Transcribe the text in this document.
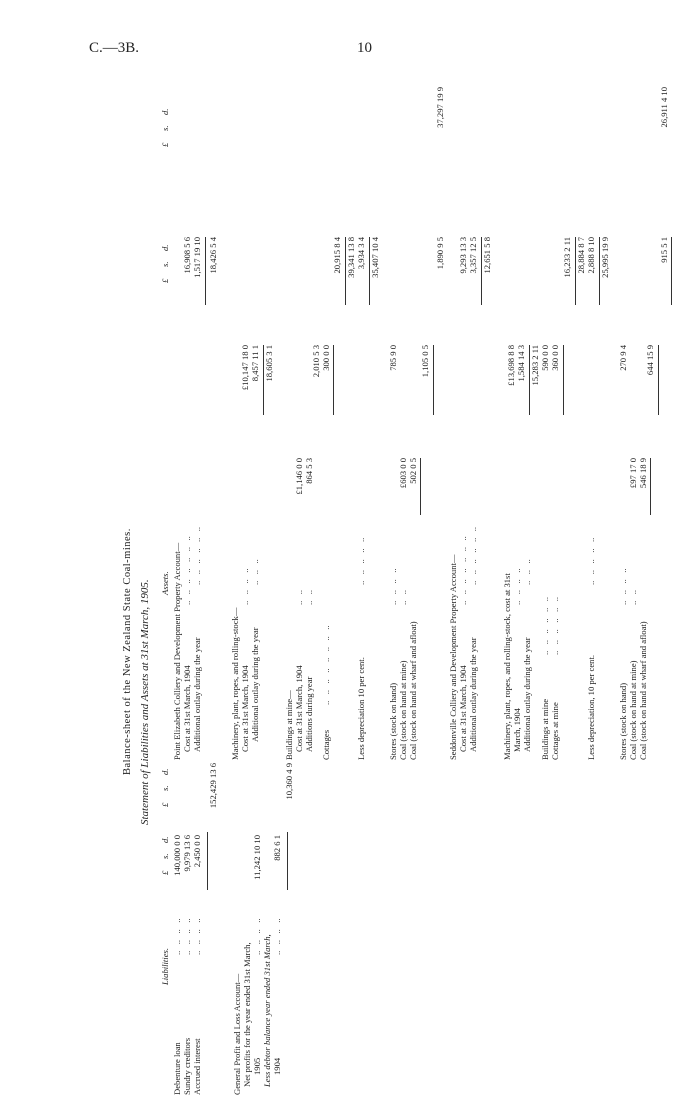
C.—3B.	10
Balance-sheet of the New Zealand State Coal-mines. Statement of Liabilities and Assets at 31st March, 1905.
Liabilities.
£
s.
d.
£
s.
d.
Debenture loan
..   ..   ..   ..
140,000 0 0
Sundry creditors
..   ..   ..   ..
9,979 13 6
Accrued interest
..   ..   ..   ..
2,450 0 0
152,429 13 6
General Profit and Loss Account— Net profits for the year ended 31st March, 1905
..   ..   ..   ..
11,242 10 10
Less debtor balance year ended 31st March, 1904
..   ..   ..   ..
882 6 1
10,360 4 9
Assets.
£
s.
d.
£
s.
d.
Point Elizabeth Colliery and Development Property Account— Cost at 31st March, 1904
..   ..   ..   ..   ..   ..   ..
16,908 5 6
Additional outlay during the year
..   ..   ..   ..   ..   ..
1,517 19 10 18,426 5 4
Machinery, plant, ropes, and rolling-stock— Cost at 31st March, 1904
..   ..   ..   ..
£10,147 18 0
Additional outlay during the year
..   ..   ..
8,457 11 1 18,605 3 1
Buildings at mine— Cost at 31st March, 1904
..   ..
£1,146 0 0
Additions during year
..   ..
864 5 3
2,010 5 3
Cottages
..   ..   ..   ..   ..   ..   ..   ..
300 0 0
20,915 8 4 39,341 13 8
Less depreciation 10 per cent.
..   ..   ..   ..   ..
3,934 3 4 35,407 10 4
Stores (stock on hand)
..   ..   ..   ..
785 9 0
Coal (stock on hand at mine)
..   ..
£603 0 0
Coal (stock on hand at wharf and afloat)
502 0 5
1,105 0 5
1,890 9 5
37,297 19 9
Seddonville Colliery and Development Property Account— Cost at 31st March, 1904
..   ..   ..   ..   ..   ..   ..
9,293 13 3
Additional outlay during the year
..   ..   ..   ..   ..   ..
3,357 12 5 12,651 5 8
Machinery, plant, ropes, and rolling-stock, cost at 31st March, 1904
..   ..   ..   ..
£13,698 8 8
Additional outlay during the year
..   ..   ..
1,584 14 3 15,283 2 11
Buildings at mine
..   ..   ..   ..   ..   ..
590 0 0
Cottages at mine
..   ..   ..   ..   ..   ..
360 0 0
16,233 2 11 28,884 8 7
Less depreciation, 10 per cent.
..   ..   ..   ..   ..
2,888 8 10 25,995 19 9
Stores (stock on hand)
..   ..   ..   ..
270 9 4
Coal (stock on hand at mine)
..   ..
£97 17 0
Coal (stock on hand at wharf and afloat)
546 18 9
644 15 9
915 5 1
26,911 4 10
